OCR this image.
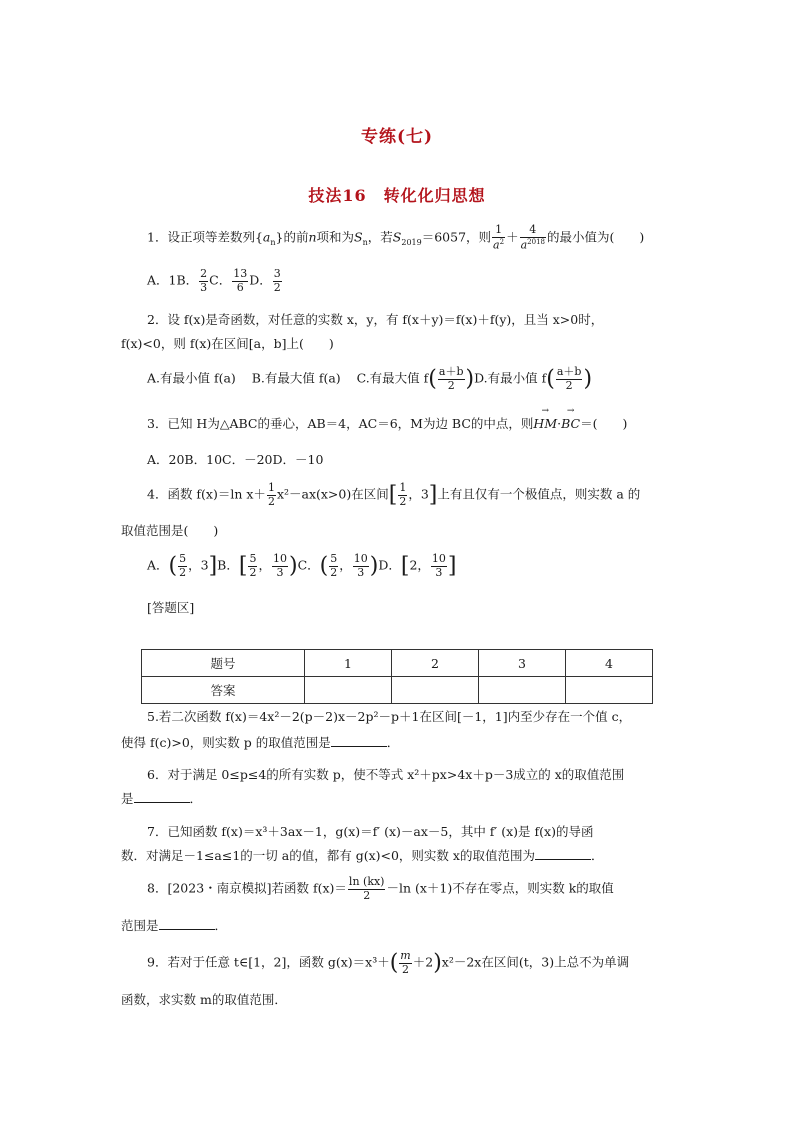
专练(七)
技法16　转化化归思想
1．设正项等差数列$\{a_n\}$的前n项和为$S_n$，若$S_{2019}=6057$，则 $\frac{1}{a^2} + \frac{4}{a^{2018}}$ 的最小值为(　　)
A．1B． $\frac{2}{3}$ C． $\frac{13}{6}$ D． $\frac{3}{2}$
2．设 f(x)是奇函数，对任意的实数 x，y，有 f(x＋y)＝f(x)＋f(y)，且当 x>0时，
f(x)<0，则 f(x)在区间[a，b]上(　　)
A.有最小值 f(a) B.有最大值 f(a) C.有最大值 $f( \frac{a+b}{2} )D$.有最小值 $f( \frac{a+b}{2}$ )
3．已知 H为△ABC的垂心，AB＝4，AC＝6，M为边 BC的中点，则→ HM·→ BC＝(　　)
A．20B．10C．－20D．－10
4．函数 f(x)＝ln $x+ \frac{1}{2} x^2-ax(x>0)$在区间[ $\frac{1}{2}$ ，3]上有且仅有一个极值点，则实数 a 的
取值范围是(　　)
A．( $\frac{5}{2}$ ，3]B．[ $\frac{5}{2}$ ， $\frac{10}{3} )C$．( $\frac{5}{2}$ ， $\frac{10}{3} )D$．[2， $\frac{10}{3}$ ]
[答题区]
题号	1	2	3	4
答案				
5.若二次函数 f(x)＝4x²－2(p－2)x－2p²－p＋1在区间[－1，1]内至少存在一个值 c，
使得 f(c)>0，则实数 p 的取值范围是	．
6．对于满足 0≤p≤4的所有实数 p，使不等式 x²＋px>4x＋p－3成立的 x的取值范围
是	．
7．已知函数 f(x)＝x³＋3ax－1，g(x)＝f′ (x)－ax－5，其中 f′ (x)是 f(x)的导函
数．对满足－1≤a≤1的一切 a的值，都有 g(x)<0，则实数 x的取值范围为	．
8．[2023・南京模拟]若函数 $f(x)= \frac{\ln (kx)}{2} -\ln$ (x＋1)不存在零点，则实数 k的取值
范围是	．
9．若对于任意 t∈[1，2]，函数 $g(x)=x^3+( \frac{m}{2} +2)x^2-2x$在区间(t，3)上总不为单调
函数，求实数 m的取值范围．
